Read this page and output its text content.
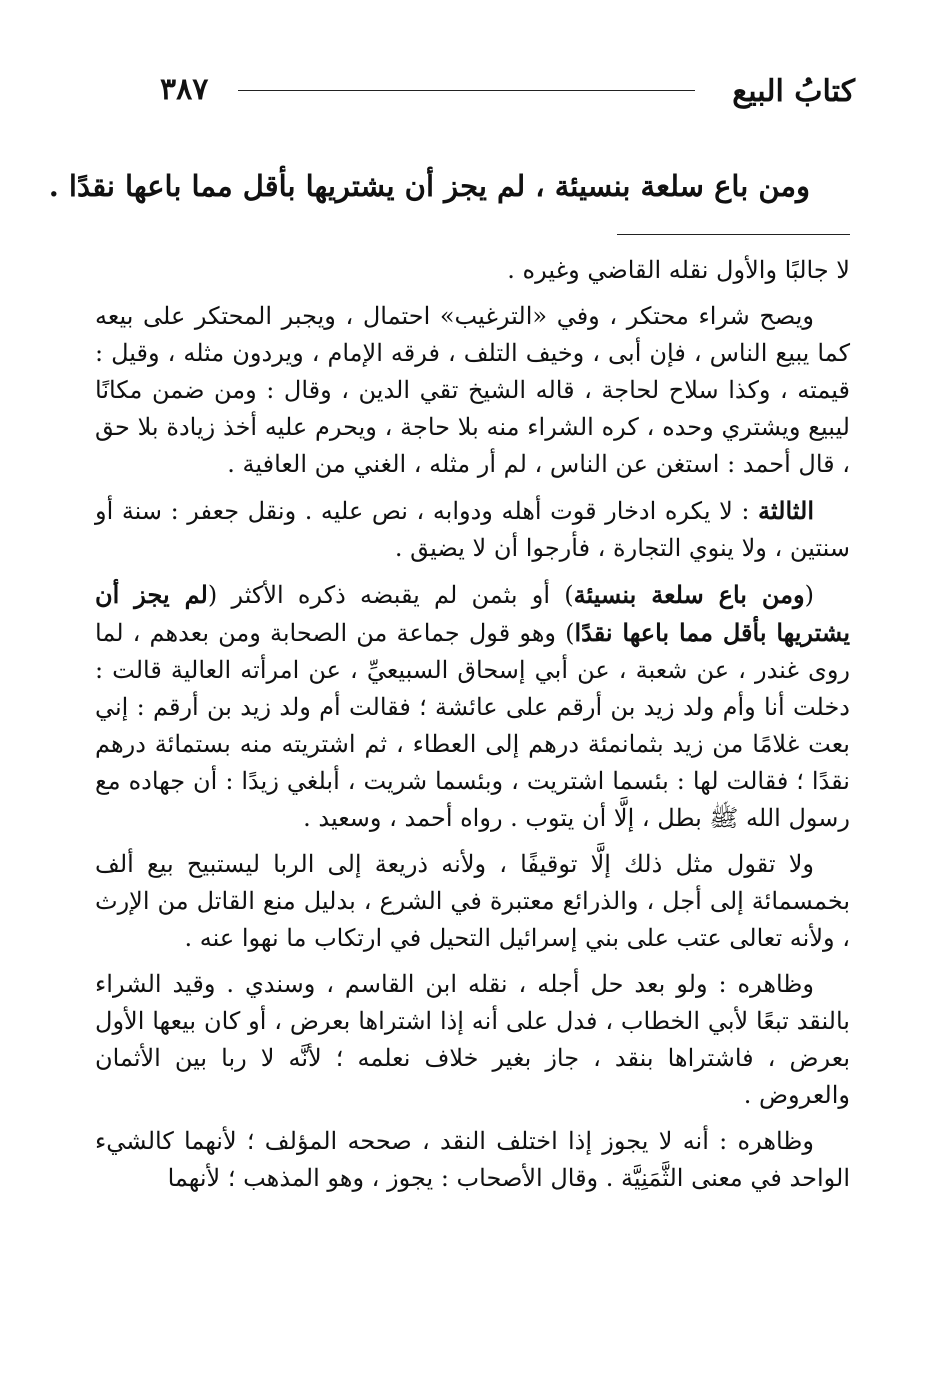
كتابُ البيع
٣٨٧
ومن باع سلعة بنسيئة ، لم يجز أن يشتريها بأقل مما باعها نقدًا .

لا جالبًا والأول نقله القاضي وغيره .

ويصح شراء محتكر ، وفي «الترغيب» احتمال ، ويجبر المحتكر على بيعه كما يبيع الناس ، فإن أبى ، وخيف التلف ، فرقه الإمام ، ويردون مثله ، وقيل : قيمته ، وكذا سلاح لحاجة ، قاله الشيخ تقي الدين ، وقال : ومن ضمن مكانًا ليبيع ويشتري وحده ، كره الشراء منه بلا حاجة ، ويحرم عليه أخذ زيادة بلا حق ، قال أحمد : استغن عن الناس ، لم أر مثله ، الغني من العافية .

الثالثة : لا يكره ادخار قوت أهله ودوابه ، نص عليه . ونقل جعفر : سنة أو سنتين ، ولا ينوي التجارة ، فأرجوا أن لا يضيق .

(ومن باع سلعة بنسيئة) أو بثمن لم يقبضه ذكره الأكثر (لم يجز أن يشتريها بأقل مما باعها نقدًا) وهو قول جماعة من الصحابة ومن بعدهم ، لما روى غندر ، عن شعبة ، عن أبي إسحاق السبيعيِّ ، عن امرأته العالية قالت : دخلت أنا وأم ولد زيد بن أرقم على عائشة ؛ فقالت أم ولد زيد بن أرقم : إني بعت غلامًا من زيد بثمانمئة درهم إلى العطاء ، ثم اشتريته منه بستمائة درهم نقدًا ؛ فقالت لها : بئسما اشتريت ، وبئسما شريت ، أبلغي زيدًا : أن جهاده مع رسول الله ﷺ بطل ، إلَّا أن يتوب . رواه أحمد ، وسعيد .

ولا تقول مثل ذلك إلَّا توقيفًا ، ولأنه ذريعة إلى الربا ليستبيح بيع ألف بخمسمائة إلى أجل ، والذرائع معتبرة في الشرع ، بدليل منع القاتل من الإرث ، ولأنه تعالى عتب على بني إسرائيل التحيل في ارتكاب ما نهوا عنه .

وظاهره : ولو بعد حل أجله ، نقله ابن القاسم ، وسندي . وقيد الشراء بالنقد تبعًا لأبي الخطاب ، فدل على أنه إذا اشتراها بعرض ، أو كان بيعها الأول بعرض ، فاشتراها بنقد ، جاز بغير خلاف نعلمه ؛ لأنَّه لا ربا بين الأثمان والعروض .

وظاهره : أنه لا يجوز إذا اختلف النقد ، صححه المؤلف ؛ لأنهما كالشيء الواحد في معنى الثَّمَنِيَّة . وقال الأصحاب : يجوز ، وهو المذهب ؛ لأنهما
